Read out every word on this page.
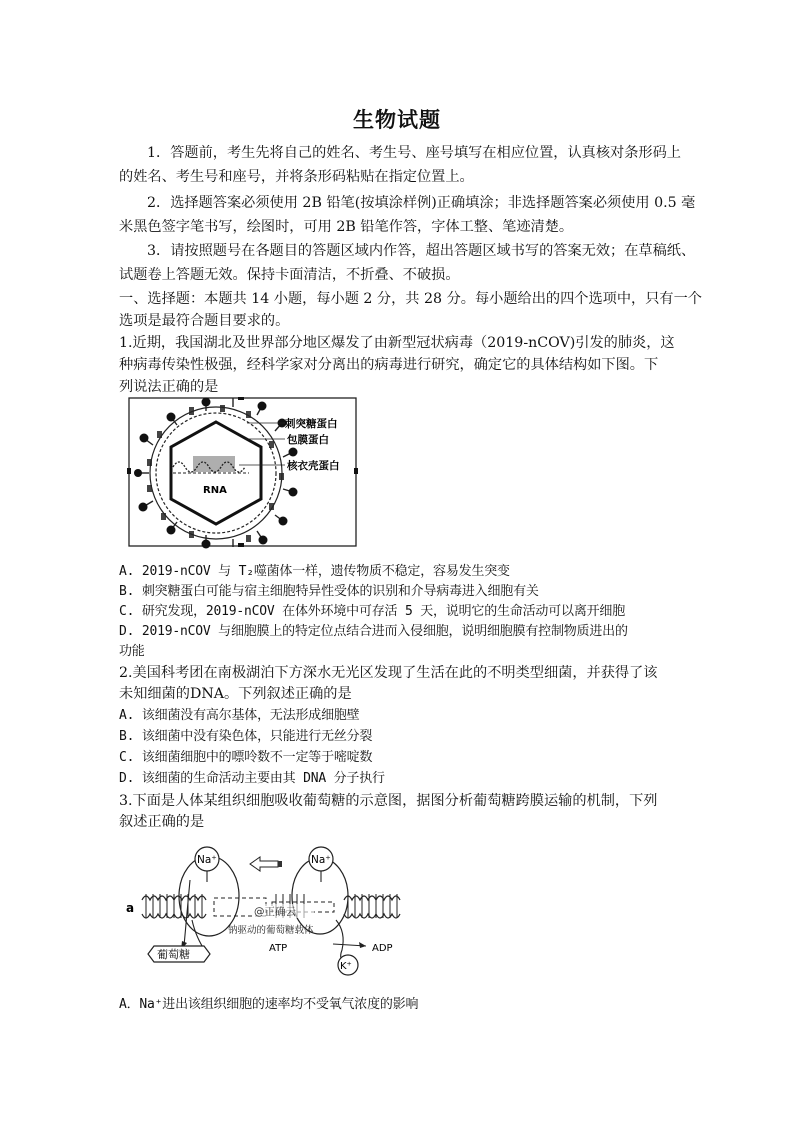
生物试题
1．答题前，考生先将自己的姓名、考生号、座号填写在相应位置，认真核对条形码上
的姓名、考生号和座号，并将条形码粘贴在指定位置上。
2．选择题答案必须使用 2B 铅笔(按填涂样例)正确填涂；非选择题答案必须使用 0.5 毫
米黑色签字笔书写，绘图时，可用 2B 铅笔作答，字体工整、笔迹清楚。
3．请按照题号在各题目的答题区域内作答，超出答题区域书写的答案无效；在草稿纸、
试题卷上答题无效。保持卡面清洁，不折叠、不破损。
一、选择题：本题共 14 小题，每小题 2 分，共 28 分。每小题给出的四个选项中，只有一个
选项是最符合题目要求的。
1.近期，我国湖北及世界部分地区爆发了由新型冠状病毒（2019-nCOV)引发的肺炎，这
种病毒传染性极强，经科学家对分离出的病毒进行研究，确定它的具体结构如下图。下
列说法正确的是
刺突糖蛋白
包膜蛋白
核衣壳蛋白
RNA
A. 2019-nCOV 与 T₂噬菌体一样，遗传物质不稳定，容易发生突变
B. 刺突糖蛋白可能与宿主细胞特异性受体的识别和介导病毒进入细胞有关
C. 研究发现，2019-nCOV 在体外环境中可存活 5 天，说明它的生命活动可以离开细胞
D. 2019-nCOV 与细胞膜上的特定位点结合进而入侵细胞，说明细胞膜有控制物质进出的
功能
2.美国科考团在南极湖泊下方深水无光区发现了生活在此的不明类型细菌，并获得了该
未知细菌的DNA。下列叙述正确的是
A. 该细菌没有高尔基体，无法形成细胞壁
B. 该细菌中没有染色体，只能进行无丝分裂
C. 该细菌细胞中的嘌呤数不一定等于嘧啶数
D. 该细菌的生命活动主要由其 DNA 分子执行
3.下面是人体某组织细胞吸收葡萄糖的示意图，据图分析葡萄糖跨膜运输的机制，下列
叙述正确的是
Na⁺	Na⁺
a	@正确云
钠驱动的葡萄糖载体
葡萄糖	ATP	ADP
K⁺
A．Na⁺进出该组织细胞的速率均不受氧气浓度的影响
